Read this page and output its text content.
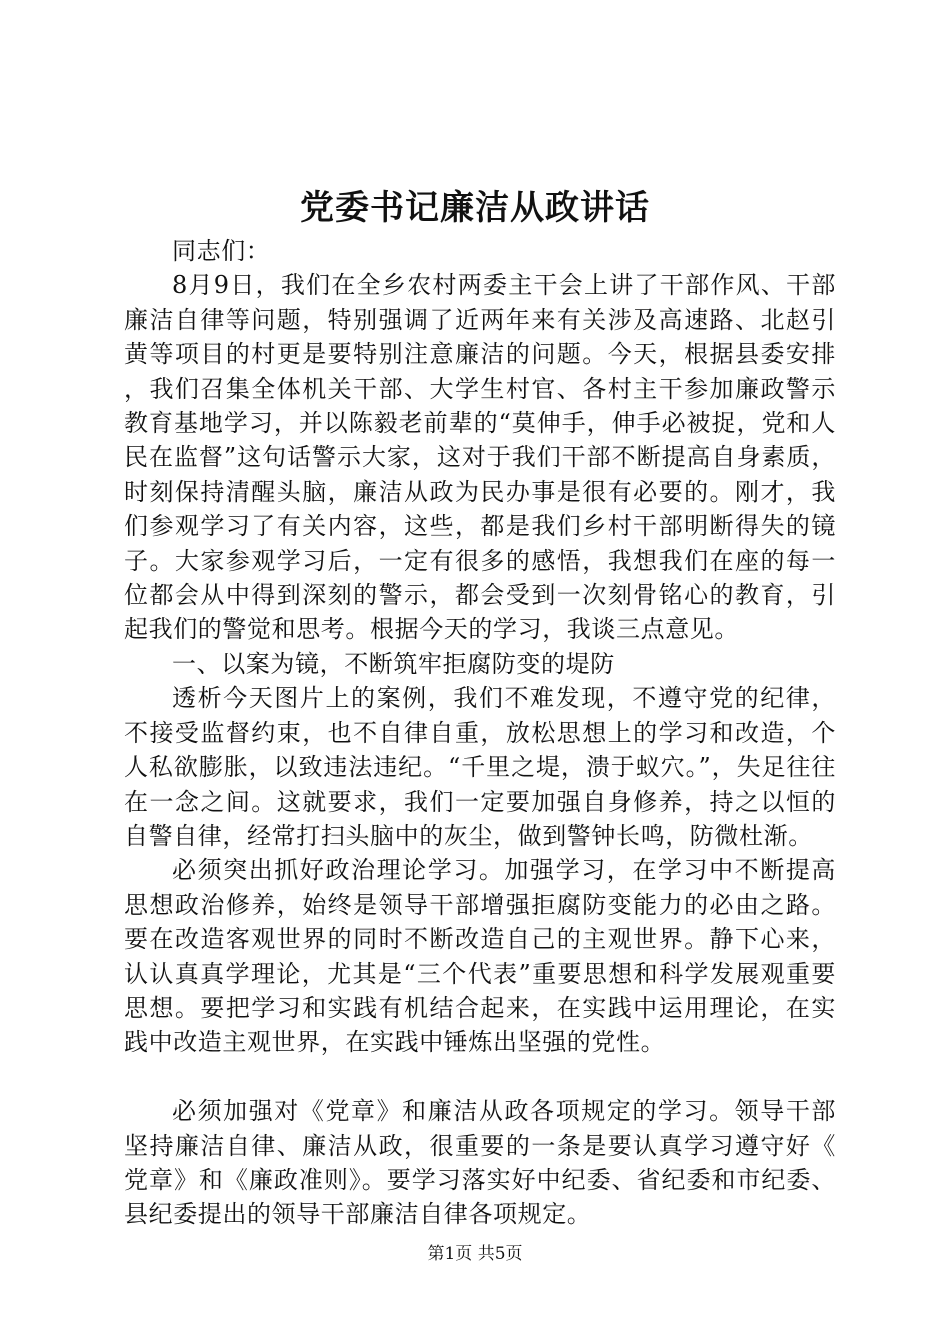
党委书记廉洁从政讲话

同志们：

8月9日，我们在全乡农村两委主干会上讲了干部作风、干部廉洁自律等问题，特别强调了近两年来有关涉及高速路、北赵引黄等项目的村更是要特别注意廉洁的问题。今天，根据县委安排，我们召集全体机关干部、大学生村官、各村主干参加廉政警示教育基地学习，并以陈毅老前辈的“莫伸手，伸手必被捉，党和人民在监督”这句话警示大家，这对于我们干部不断提高自身素质，时刻保持清醒头脑，廉洁从政为民办事是很有必要的。刚才，我们参观学习了有关内容，这些，都是我们乡村干部明断得失的镜子。大家参观学习后，一定有很多的感悟，我想我们在座的每一位都会从中得到深刻的警示，都会受到一次刻骨铭心的教育，引起我们的警觉和思考。根据今天的学习，我谈三点意见。

一、以案为镜，不断筑牢拒腐防变的堤防

透析今天图片上的案例，我们不难发现，不遵守党的纪律，不接受监督约束，也不自律自重，放松思想上的学习和改造，个人私欲膨胀，以致违法违纪。“千里之堤，溃于蚁穴。”，失足往往在一念之间。这就要求，我们一定要加强自身修养，持之以恒的自警自律，经常打扫头脑中的灰尘，做到警钟长鸣，防微杜渐。

必须突出抓好政治理论学习。加强学习，在学习中不断提高思想政治修养，始终是领导干部增强拒腐防变能力的必由之路。要在改造客观世界的同时不断改造自己的主观世界。静下心来，认认真真学理论，尤其是“三个代表”重要思想和科学发展观重要思想。要把学习和实践有机结合起来，在实践中运用理论，在实践中改造主观世界，在实践中锤炼出坚强的党性。

必须加强对《党章》和廉洁从政各项规定的学习。领导干部坚持廉洁自律、廉洁从政，很重要的一条是要认真学习遵守好《党章》和《廉政准则》。要学习落实好中纪委、省纪委和市纪委、县纪委提出的领导干部廉洁自律各项规定。

第1页 共5页
